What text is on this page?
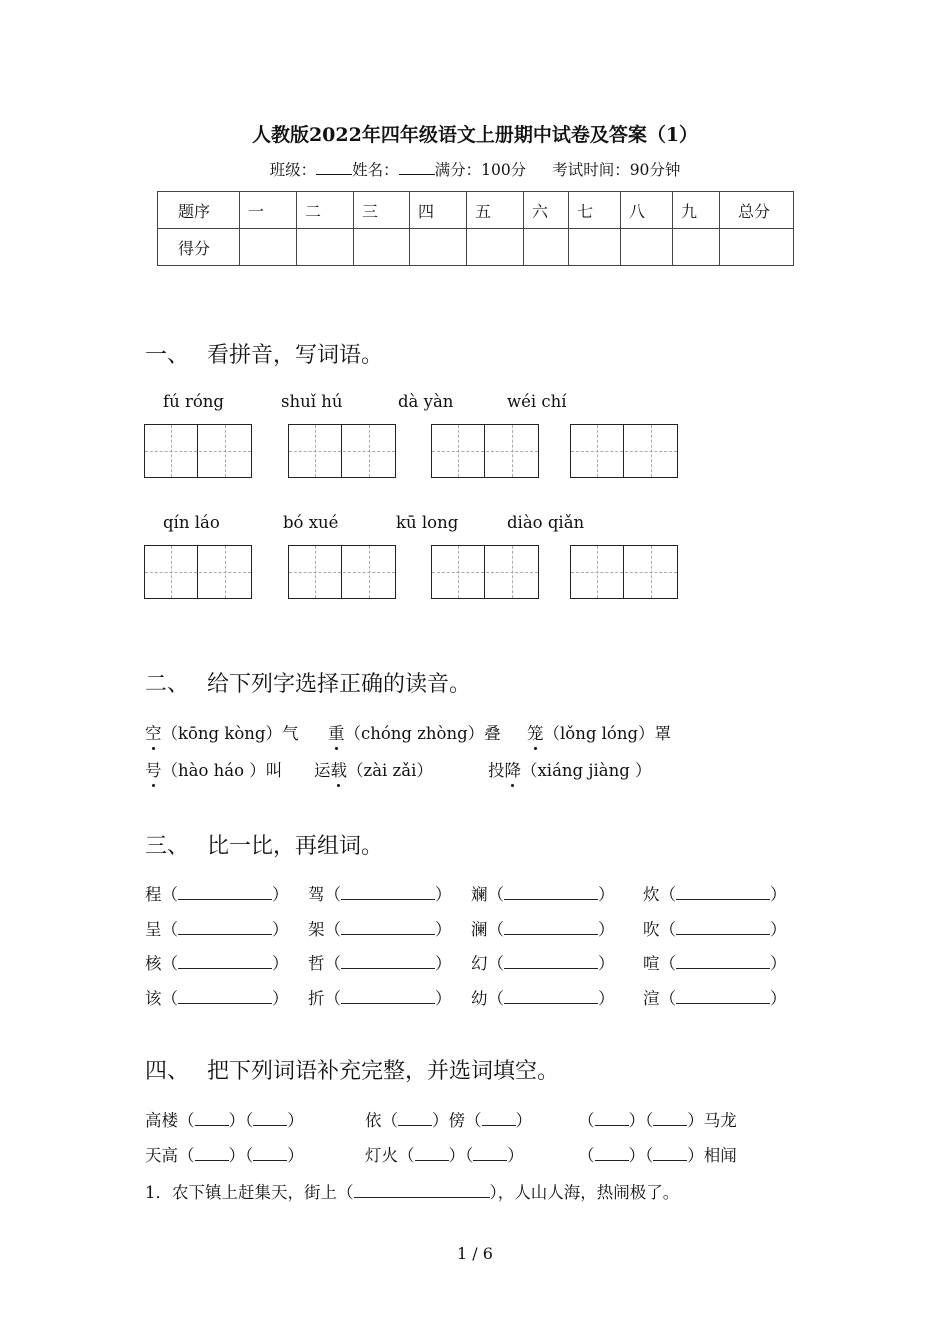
人教版2022年四年级语文上册期中试卷及答案（1）
班级： 姓名： 满分：100分 考试时间：90分钟
题序	一	二	三	四	五	六	七	八	九	总分
得分										
一、 看拼音，写词语。
fú róng	shuǐ hú	dà yàn	wéi chí
qín láo	bó xué	kū long	diào qiǎn
二、 给下列字选择正确的读音。
空（kōng kòng）气 重（chóng zhòng）叠 笼（lǒng lóng）罩
号（hào háo ）叫 运载（zài zǎi）	投降（xiáng jiàng ）
三、 比一比，再组词。
程（	） 驾（	） 斓（	） 炊（	）
呈（	） 架（	） 澜（	） 吹（	）
核（	） 哲（	） 幻（	） 喧（	）
该（	） 折（	） 幼（	） 渲（	）
四、 把下列词语补充完整，并选词填空。
高楼（ ）（ ）	依（ ）傍（ ）	（ ）（ ）马龙
天高（ ）（ ）	灯火（ ）（ ）	（ ）（ ）相闻
1．农下镇上赶集天，街上（	），人山人海，热闹极了。
1 / 6
